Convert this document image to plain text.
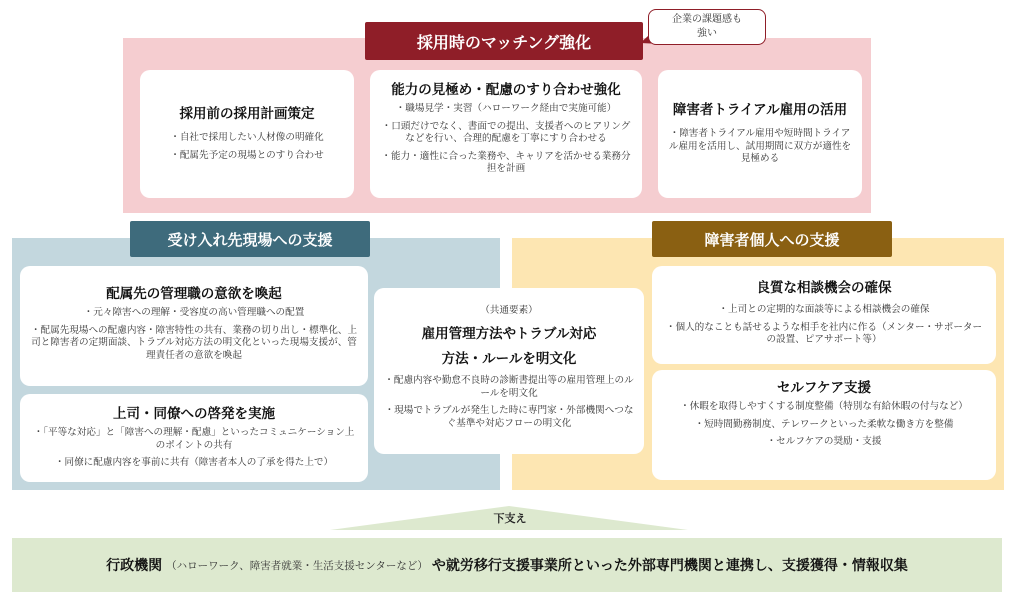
採用時のマッチング強化
企業の課題感も
強い
受け入れ先現場への支援	障害者個人への支援
採用前の採用計画策定
・自社で採用したい人材像の明確化
・配属先予定の現場とのすり合わせ
能力の見極め・配慮のすり合わせ強化
・職場見学・実習（ハローワーク経由で実施可能）
・口頭だけでなく、書面での提出、支援者へのヒアリングなどを行い、合理的配慮を丁寧にすり合わせる
・能力・適性に合った業務や、キャリアを活かせる業務分担を計画
障害者トライアル雇用の活用
・障害者トライアル雇用や短時間トライアル雇用を活用し、試用期間に双方が適性を見極める
配属先の管理職の意欲を喚起
・元々障害への理解・受容度の高い管理職への配置
・配属先現場への配慮内容・障害特性の共有、業務の切り出し・標準化、上司と障害者の定期面談、トラブル対応方法の明文化といった現場支援が、管理責任者の意欲を喚起
上司・同僚への啓発を実施
・「平等な対応」と「障害への理解・配慮」といったコミュニケーション上のポイントの共有
・同僚に配慮内容を事前に共有（障害者本人の了承を得た上で）
（共通要素）
雇用管理方法やトラブル対応
方法・ルールを明文化
・配慮内容や勤怠不良時の診断書提出等の雇用管理上のルールを明文化
・現場でトラブルが発生した時に専門家・外部機関へつなぐ基準や対応フローの明文化
良質な相談機会の確保
・上司との定期的な面談等による相談機会の確保
・個人的なことも話せるような相手を社内に作る（メンター・サポーターの設置、ピアサポート等）
セルフケア支援
・休暇を取得しやすくする制度整備（特別な有給休暇の付与など）
・短時間勤務制度、テレワークといった柔軟な働き方を整備
・セルフケアの奨励・支援
下支え
行政機関 （ハローワーク、障害者就業・生活支援センターなど） や就労移行支援事業所といった外部専門機関と連携し、支援獲得・情報収集
